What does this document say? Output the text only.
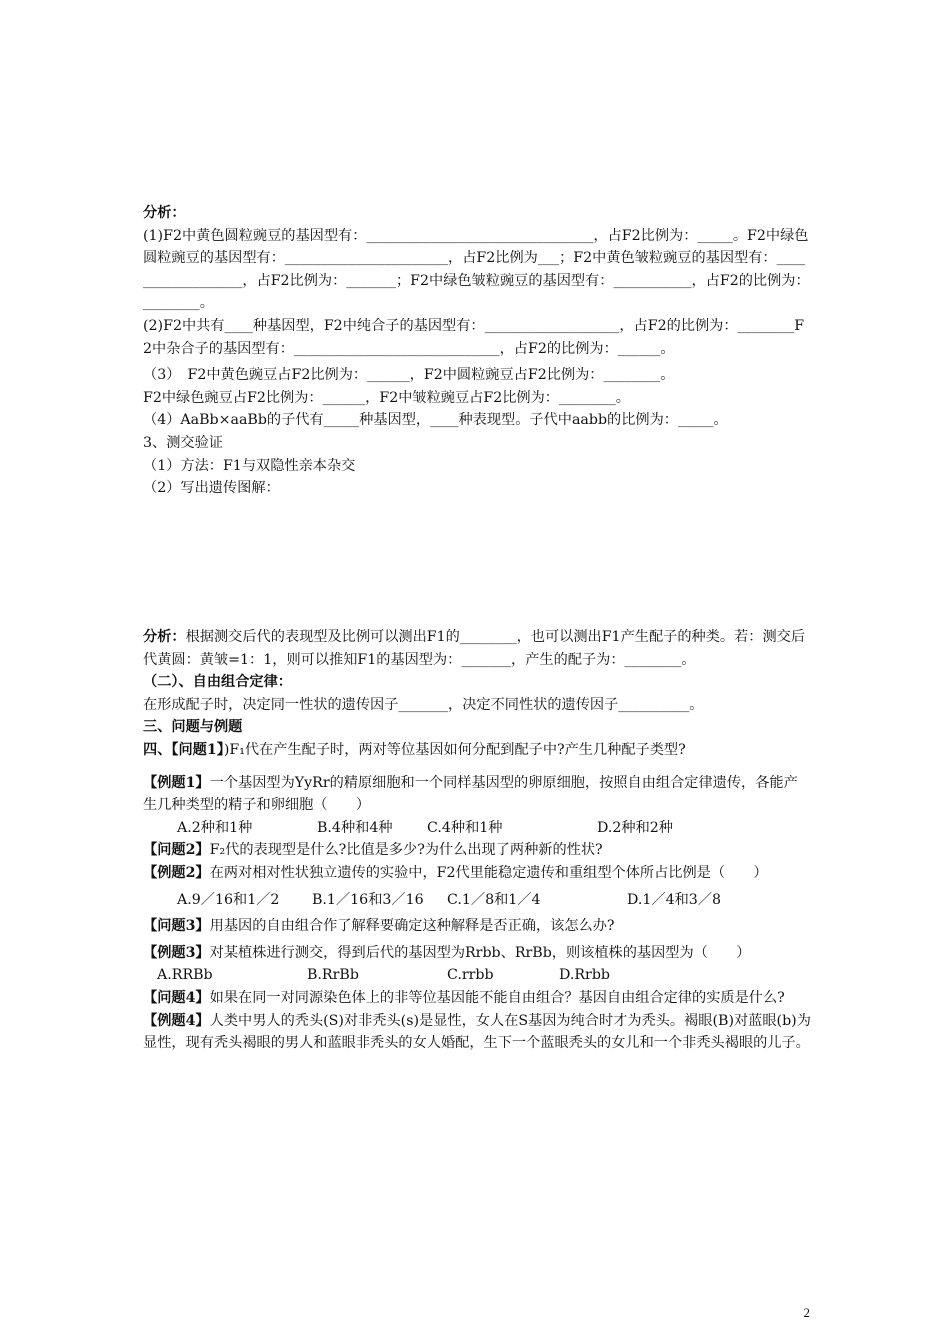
分析：

(1)F2中黄色圆粒豌豆的基因型有：________________________________，占F2比例为：_____。F2中绿色圆粒豌豆的基因型有：_______________________，占F2比例为___；F2中黄色皱粒豌豆的基因型有：__________________，占F2比例为：_______；F2中绿色皱粒豌豆的基因型有：___________，占F2的比例为：________。

(2)F2中共有____种基因型，F2中纯合子的基因型有：___________________，占F2的比例为：________F2中杂合子的基因型有：_____________________________，占F2的比例为：______。

（3）　F2中黄色豌豆占F2比例为：______，F2中圆粒豌豆占F2比例为：________。

F2中绿色豌豆占F2比例为：______，F2中皱粒豌豆占F2比例为：________。

（4）AaBb×aaBb的子代有_____种基因型，____种表现型。子代中aabb的比例为：_____。

3、测交验证

（1）方法：F1与双隐性亲本杂交

（2）写出遗传图解：

分析：根据测交后代的表现型及比例可以测出F1的________，也可以测出F1产生配子的种类。若：测交后代黄圆：黄皱=1：1，则可以推知F1的基因型为：_______，产生的配子为：________。

（二）、自由组合定律：

在形成配子时，决定同一性状的遗传因子_______，决定不同性状的遗传因子__________。

三、问题与例题

四、【问题1】)F₁代在产生配子时，两对等位基因如何分配到配子中?产生几种配子类型?

【例题1】一个基因型为YyRr的精原细胞和一个同样基因型的卵原细胞，按照自由组合定律遗传，各能产生几种类型的精子和卵细胞（　　）

A.2种和1种	B.4种和4种	C.4种和1种	D.2种和2种

【问题2】F₂代的表现型是什么?比值是多少?为什么出现了两种新的性状?

【例题2】在两对相对性状独立遗传的实验中，F2代里能稳定遗传和重组型个体所占比例是（　　）

A.9／16和1／2	B.1／16和3／16	C.1／8和1／4	D.1／4和3／8

【问题3】用基因的自由组合作了解释要确定这种解释是否正确，该怎么办?

【例题3】对某植株进行测交，得到后代的基因型为Rrbb、RrBb，则该植株的基因型为（　　）

A.RRBb	B.RrBb	C.rrbb	D.Rrbb

【问题4】如果在同一对同源染色体上的非等位基因能不能自由组合？基因自由组合定律的实质是什么?

【例题4】人类中男人的秃头(S)对非秃头(s)是显性，女人在S基因为纯合时才为秃头。褐眼(B)对蓝眼(b)为显性，现有秃头褐眼的男人和蓝眼非秃头的女人婚配，生下一个蓝眼秃头的女儿和一个非秃头褐眼的儿子。

2
